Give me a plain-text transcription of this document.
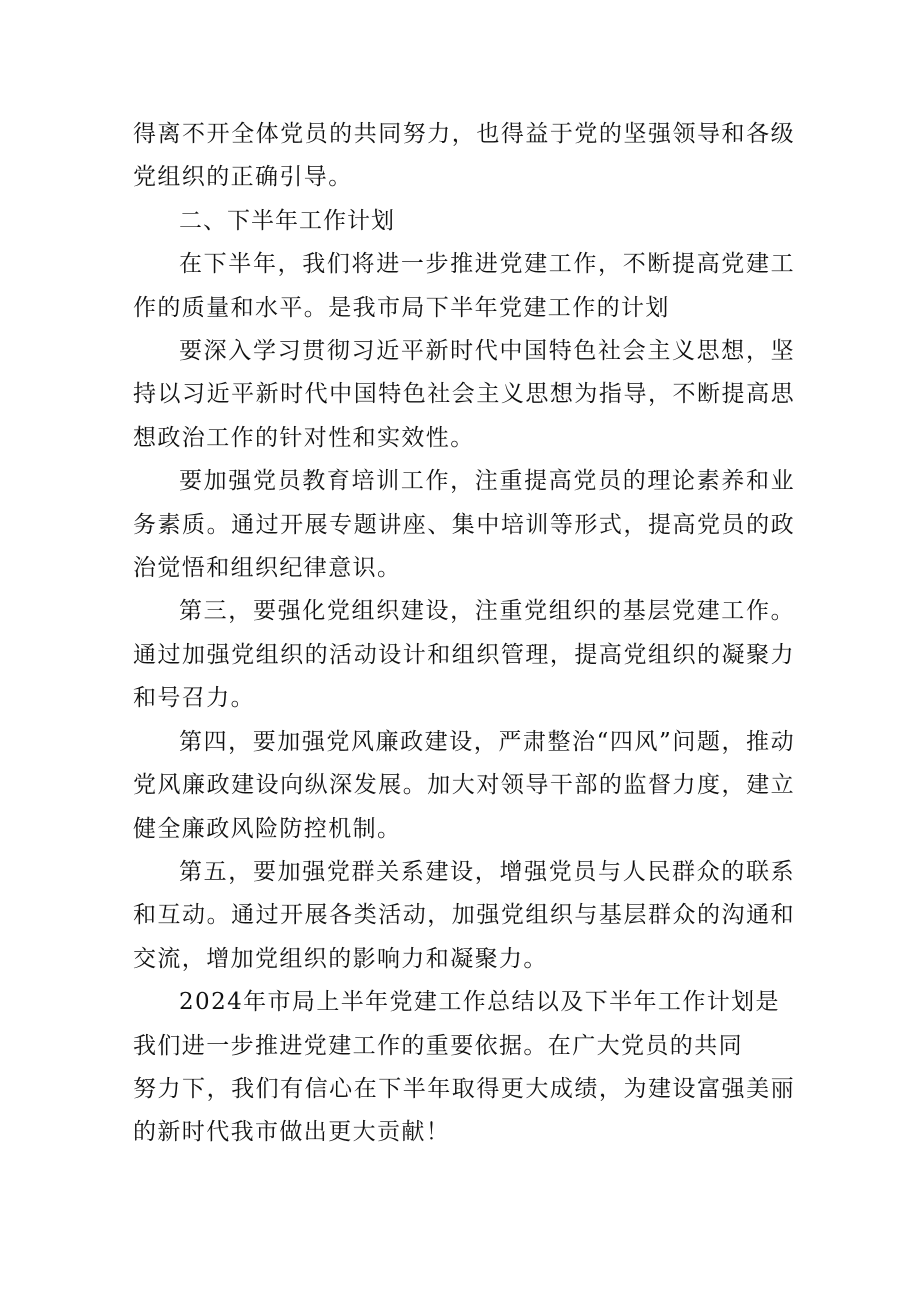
得离不开全体党员的共同努力，也得益于党的坚强领导和各级党组织的正确引导。

二、下半年工作计划

在下半年，我们将进一步推进党建工作，不断提高党建工作的质量和水平。是我市局下半年党建工作的计划

要深入学习贯彻习近平新时代中国特色社会主义思想，坚持以习近平新时代中国特色社会主义思想为指导，不断提高思想政治工作的针对性和实效性。

要加强党员教育培训工作，注重提高党员的理论素养和业务素质。通过开展专题讲座、集中培训等形式，提高党员的政治觉悟和组织纪律意识。

第三，要强化党组织建设，注重党组织的基层党建工作。通过加强党组织的活动设计和组织管理，提高党组织的凝聚力和号召力。

第四，要加强党风廉政建设，严肃整治“四风”问题，推动党风廉政建设向纵深发展。加大对领导干部的监督力度，建立健全廉政风险防控机制。

第五，要加强党群关系建设，增强党员与人民群众的联系和互动。通过开展各类活动，加强党组织与基层群众的沟通和交流，增加党组织的影响力和凝聚力。

2024年市局上半年党建工作总结以及下半年工作计划是我们进一步推进党建工作的重要依据。在广大党员的共同

努力下，我们有信心在下半年取得更大成绩，为建设富强美丽的新时代我市做出更大贡献！
